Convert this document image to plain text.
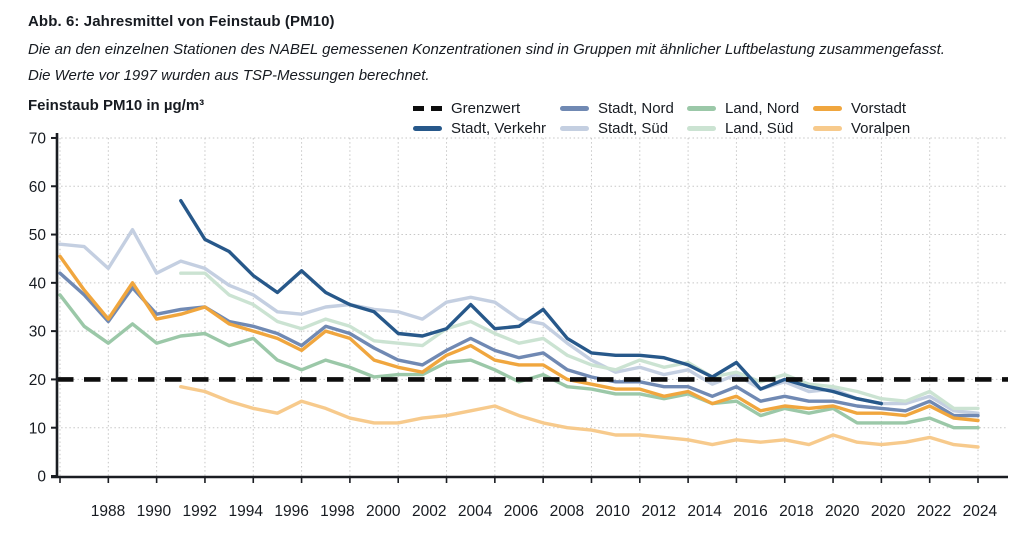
Abb. 6: Jahresmittel von Feinstaub (PM10)
Die an den einzelnen Stationen des NABEL gemessenen Konzentrationen sind in Gruppen mit ähnlicher Luftbelastung zusammengefasst.
Die Werte vor 1997 wurden aus TSP-Messungen berechnet.
Feinstaub PM10 in µg/m³	Grenzwert
Stadt, Verkehr
Stadt, Nord
Stadt, Süd
Land, Nord
Land, Süd
Vorstadt
Voralpen
0
10
20
30
40
50
60
70
1988 1990 1992 1994 1996 1998 2000 2002 2004 2006 2008 2010 2012 2014 2016 2018 2020 2020 2022 2024
